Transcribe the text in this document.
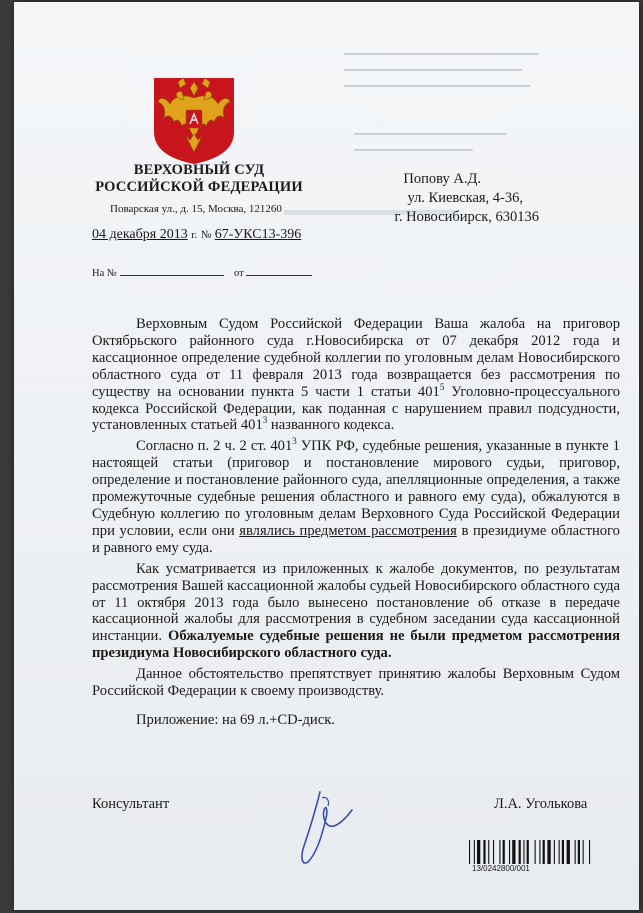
▬▬▬▬▬▬▬▬▬▬
▁▁▁▁▁▁▁▁▁▁▁▁▁▁▁▁▁▁▁▁▁▁▁
▁▁▁▁▁▁▁▁▁▁▁▁▁▁▁▁▁▁▁▁▁
▁▁▁▁▁▁▁▁▁▁▁▁▁▁▁▁▁▁▁▁▁▁
▁▁▁▁▁▁▁▁▁▁▁▁▁▁▁▁▁▁
▁▁▁▁▁▁▁▁▁▁▁▁▁▁
ВЕРХОВНЫЙ СУД
РОССИЙСКОЙ ФЕДЕРАЦИИ
Поварская ул., д. 15, Москва, 121260
Попову А.Д.
ул. Киевская, 4-36,
г. Новосибирск, 630136
04 декабря 2013 г. № 67-УКС13-396
На №	от

Верховным Судом Российской Федерации Ваша жалоба на приговор Октябрьского районного суда г.Новосибирска от 07 декабря 2012 года и кассационное определение судебной коллегии по уголовным делам Новосибирского областного суда от 11 февраля 2013 года возвращается без рассмотрения по существу на основании пункта 5 части 1 статьи $401^5$ Уголовно-процессуального кодекса Российской Федерации, как поданная с нарушением правил подсудности, установленных статьей $401^3$ названного кодекса.

Согласно п. 2 ч. 2 ст. $401^3$ УПК РФ, судебные решения, указанные в пункте 1 настоящей статьи (приговор и постановление мирового судьи, приговор, определение и постановление районного суда, апелляционные определения, а также промежуточные судебные решения областного и равного ему суда), обжалуются в Судебную коллегию по уголовным делам Верховного Суда Российской Федерации при условии, если они являлись предметом рассмотрения в президиуме областного и равного ему суда.

Как усматривается из приложенных к жалобе документов, по результатам рассмотрения Вашей кассационной жалобы судьей Новосибирского областного суда от 11 октября 2013 года было вынесено постановление об отказе в передаче кассационной жалобы для рассмотрения в судебном заседании суда кассационной инстанции. Обжалуемые судебные решения не были предметом рассмотрения президиума Новосибирского областного суда.

Данное обстоятельство препятствует принятию жалобы Верховным Судом Российской Федерации к своему производству.

Приложение: на 69 л.+CD-диск.

Консультант	Л.А. Уголькова
13/0242800/001
